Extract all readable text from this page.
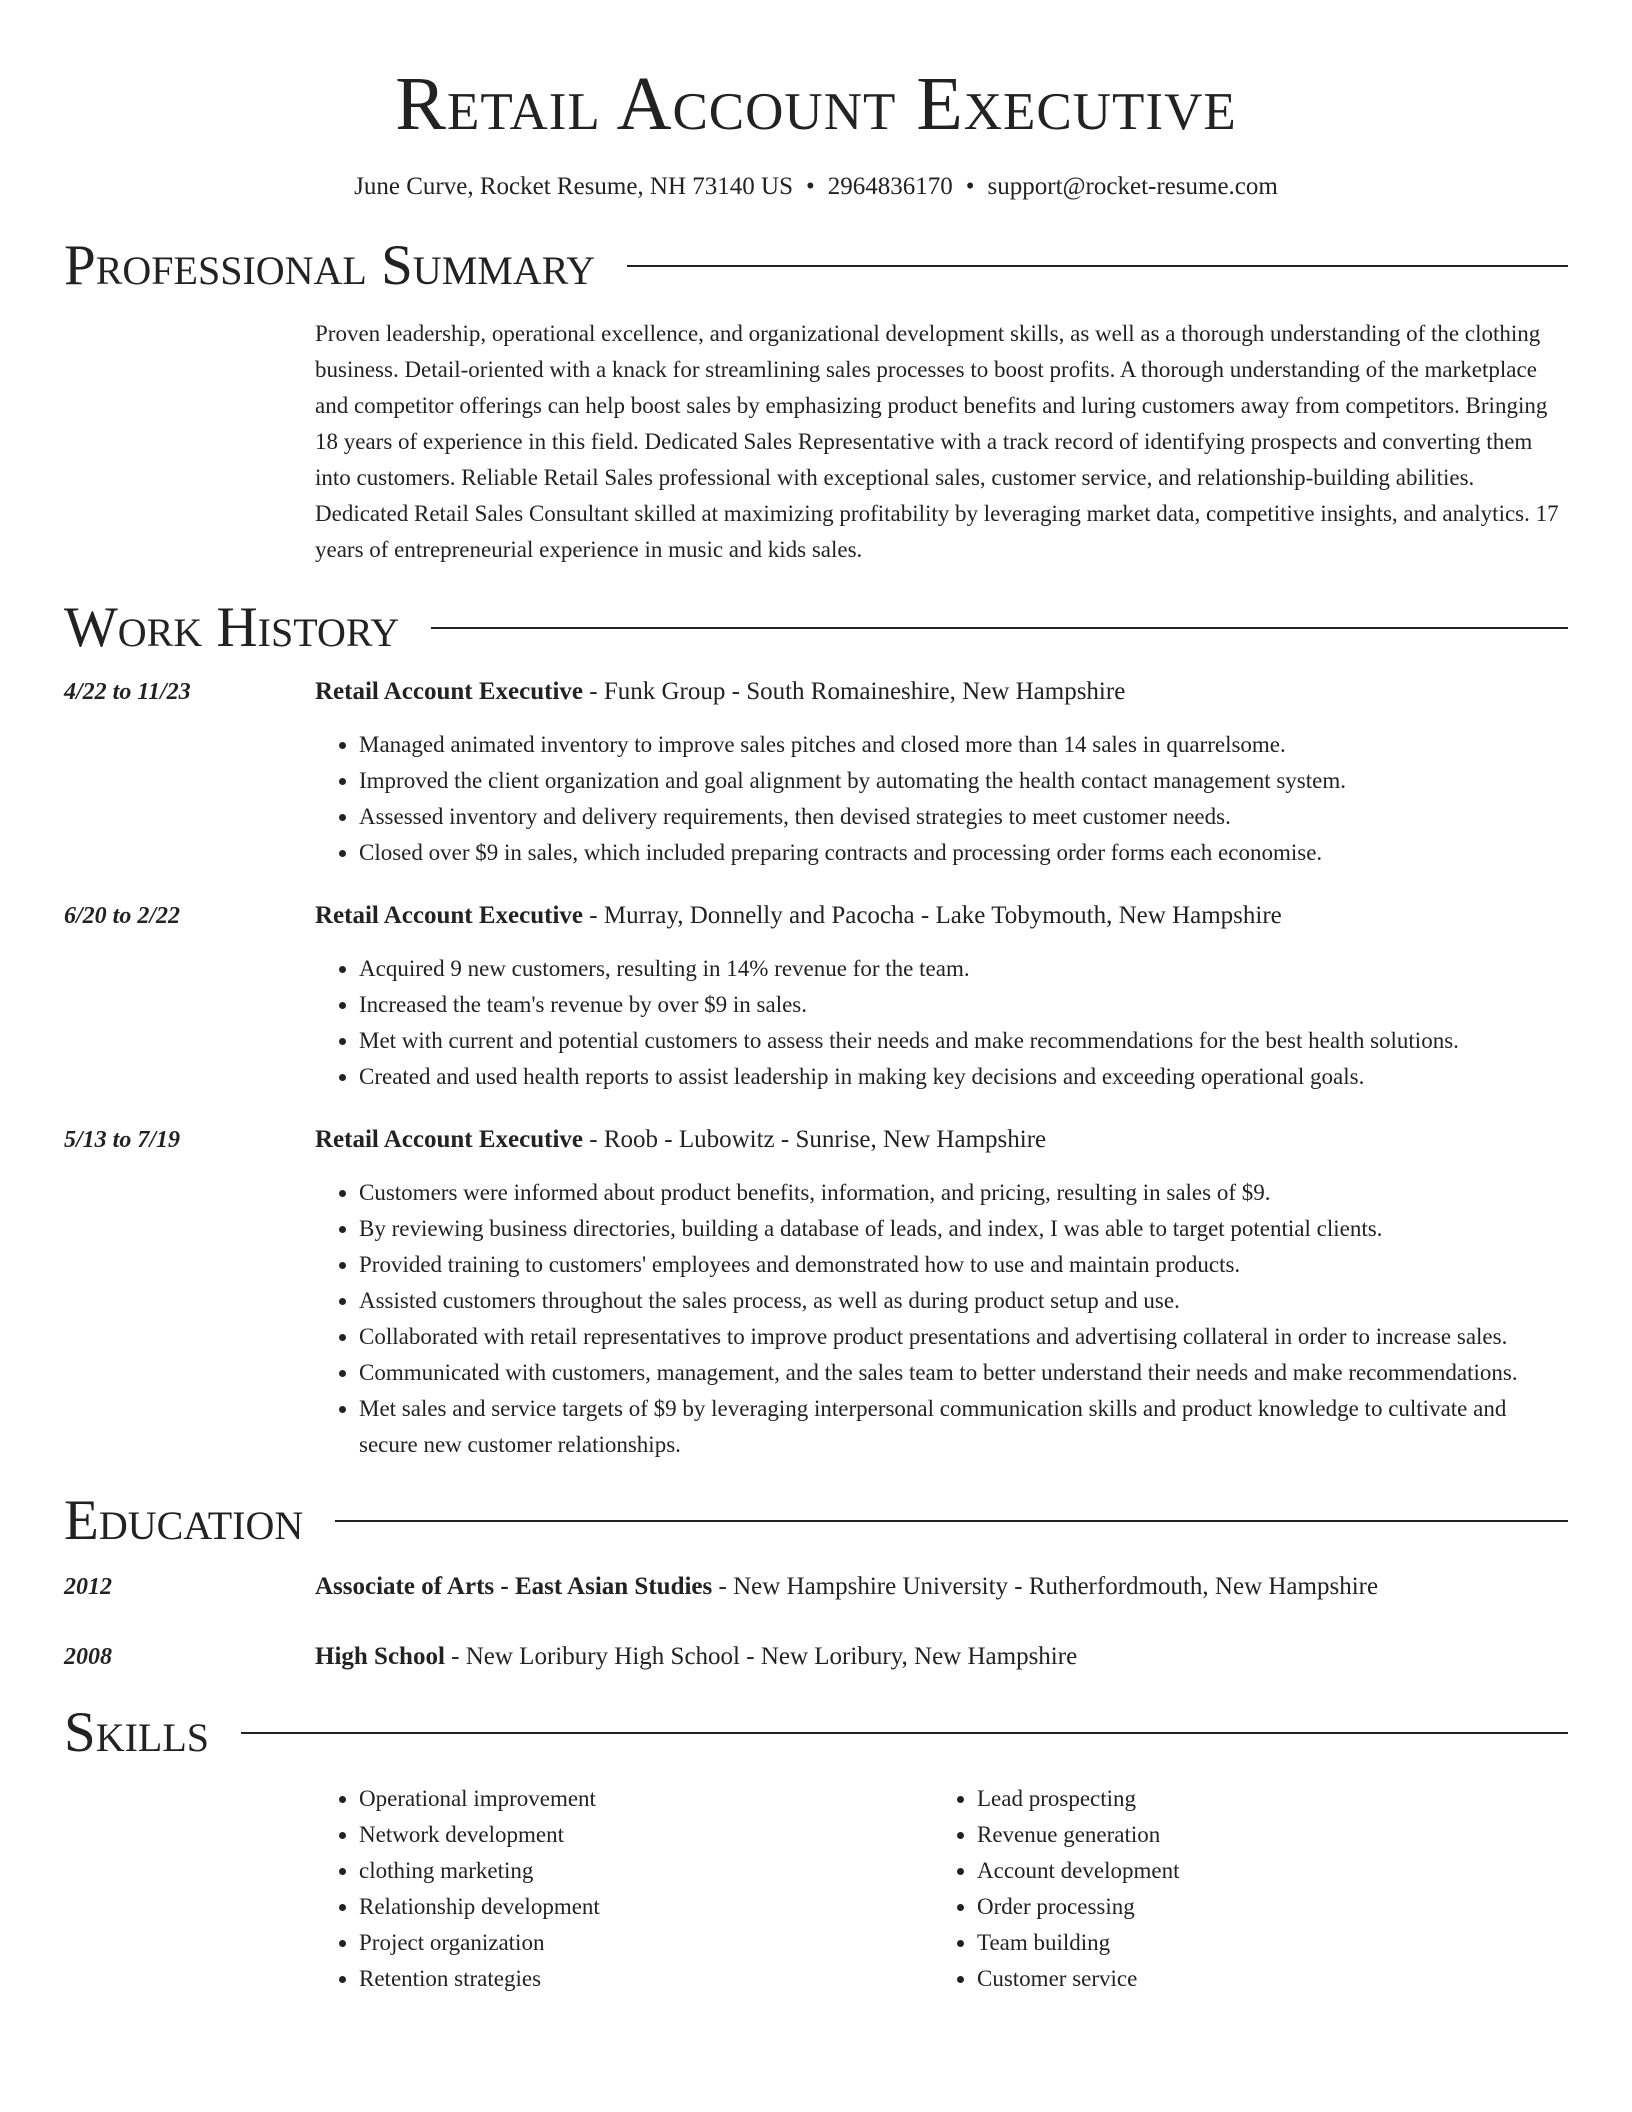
Retail Account Executive
June Curve, Rocket Resume, NH 73140 US • 2964836170 • support@rocket-resume.com
Professional Summary

Proven leadership, operational excellence, and organizational development skills, as well as a thorough understanding of the clothing business. Detail-oriented with a knack for streamlining sales processes to boost profits. A thorough understanding of the marketplace and competitor offerings can help boost sales by emphasizing product benefits and luring customers away from competitors. Bringing 18 years of experience in this field. Dedicated Sales Representative with a track record of identifying prospects and converting them into customers. Reliable Retail Sales professional with exceptional sales, customer service, and relationship-building abilities. Dedicated Retail Sales Consultant skilled at maximizing profitability by leveraging market data, competitive insights, and analytics. 17 years of entrepreneurial experience in music and kids sales.

Work History
4/22 to 11/23	Retail Account Executive - Funk Group - South Romaineshire, New Hampshire
• Managed animated inventory to improve sales pitches and closed more than 14 sales in quarrelsome.
• Improved the client organization and goal alignment by automating the health contact management system.
• Assessed inventory and delivery requirements, then devised strategies to meet customer needs.
• Closed over $9 in sales, which included preparing contracts and processing order forms each economise.
6/20 to 2/22	Retail Account Executive - Murray, Donnelly and Pacocha - Lake Tobymouth, New Hampshire
• Acquired 9 new customers, resulting in 14% revenue for the team.
• Increased the team's revenue by over $9 in sales.
• Met with current and potential customers to assess their needs and make recommendations for the best health solutions.
• Created and used health reports to assist leadership in making key decisions and exceeding operational goals.
5/13 to 7/19	Retail Account Executive - Roob - Lubowitz - Sunrise, New Hampshire
• Customers were informed about product benefits, information, and pricing, resulting in sales of $9.
• By reviewing business directories, building a database of leads, and index, I was able to target potential clients.
• Provided training to customers' employees and demonstrated how to use and maintain products.
• Assisted customers throughout the sales process, as well as during product setup and use.
• Collaborated with retail representatives to improve product presentations and advertising collateral in order to increase sales.
• Communicated with customers, management, and the sales team to better understand their needs and make recommendations.
• Met sales and service targets of $9 by leveraging interpersonal communication skills and product knowledge to cultivate and secure new customer relationships.
Education
2012	Associate of Arts - East Asian Studies - New Hampshire University - Rutherfordmouth, New Hampshire
2008	High School - New Loribury High School - New Loribury, New Hampshire
Skills
• Operational improvement
• Network development
• clothing marketing
• Relationship development
• Project organization
• Retention strategies
• Lead prospecting
• Revenue generation
• Account development
• Order processing
• Team building
• Customer service
